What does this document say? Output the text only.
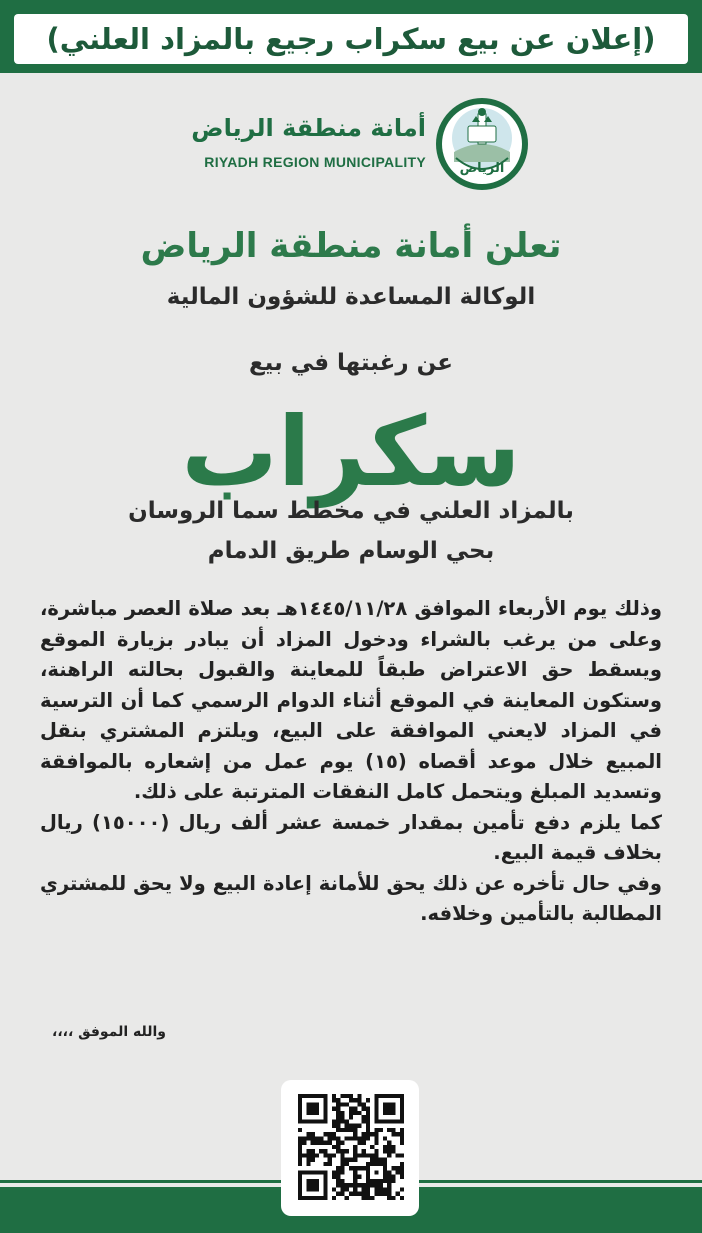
(إعلان عن بيع سكراب رجيع بالمزاد العلني)
أمانة منطقة الرياض
RIYADH REGION MUNICIPALITY	الرياض
تعلن أمانة منطقة الرياض
الوكالة المساعدة للشؤون المالية
عن رغبتها في بيع
سكراب
بالمزاد العلني في مخطط سما الروسان
بحي الوسام طريق الدمام

وذلك يوم الأربعاء الموافق ١٤٤٥/١١/٢٨هـ بعد صلاة العصر مباشرة، وعلى من يرغب بالشراء ودخول المزاد أن يبادر بزيارة الموقع ويسقط حق الاعتراض طبقاً للمعاينة والقبول بحالته الراهنة، وستكون المعاينة في الموقع أثناء الدوام الرسمي كما أن الترسية في المزاد لايعني الموافقة على البيع، ويلتزم المشتري بنقل المبيع خلال موعد أقصاه (١٥) يوم عمل من إشعاره بالموافقة وتسديد المبلغ ويتحمل كامل النفقات المترتبة على ذلك.

كما يلزم دفع تأمين بمقدار خمسة عشر ألف ريال (١٥٠٠٠) ريال بخلاف قيمة البيع.

وفي حال تأخره عن ذلك يحق للأمانة إعادة البيع ولا يحق للمشتري المطالبة بالتأمين وخلافه.

والله الموفق ،،،،
